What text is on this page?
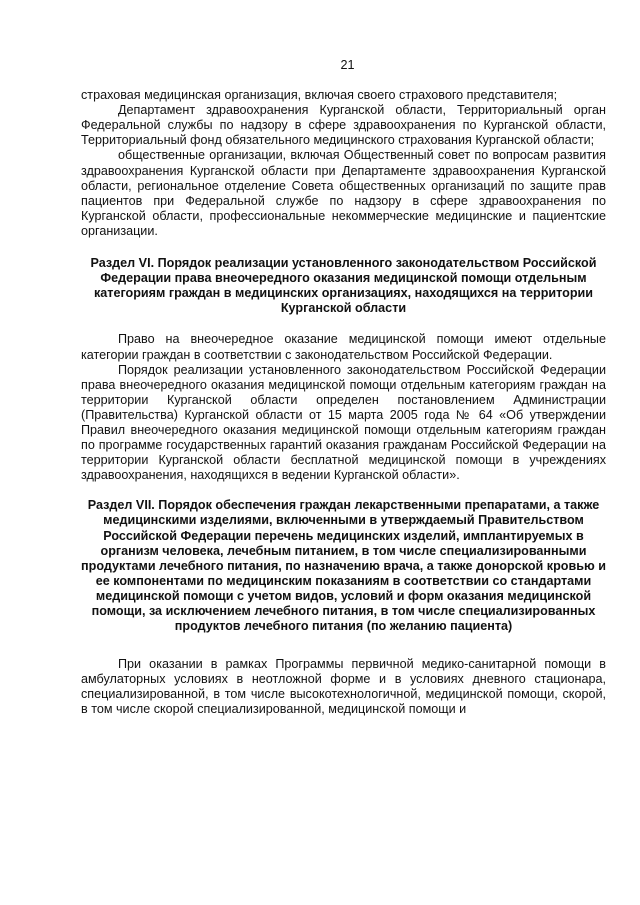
21

страховая медицинская организация, включая своего страхового представителя;

Департамент здравоохранения Курганской области, Территориальный орган Федеральной службы по надзору в сфере здравоохранения по Курганской области, Территориальный фонд обязательного медицинского страхования Курганской области;

общественные организации, включая Общественный совет по вопросам развития здравоохранения Курганской области при Департаменте здравоохранения Курганской области, региональное отделение Совета общественных организаций по защите прав пациентов при Федеральной службе по надзору в сфере здравоохранения по Курганской области, профессиональные некоммерческие медицинские и пациентские организации.

Раздел VI. Порядок реализации установленного законодательством Российской Федерации права внеочередного оказания медицинской помощи отдельным категориям граждан в медицинских организациях, находящихся на территории Курганской области

Право на внеочередное оказание медицинской помощи имеют отдельные категории граждан в соответствии с законодательством Российской Федерации.

Порядок реализации установленного законодательством Российской Федерации права внеочередного оказания медицинской помощи отдельным категориям граждан на территории Курганской области определен постановлением Администрации (Правительства) Курганской области от 15 марта 2005 года № 64 «Об утверждении Правил внеочередного оказания медицинской помощи отдельным категориям граждан по программе государственных гарантий оказания гражданам Российской Федерации на территории Курганской области бесплатной медицинской помощи в учреждениях здравоохранения, находящихся в ведении Курганской области».

Раздел VII. Порядок обеспечения граждан лекарственными препаратами, а также медицинскими изделиями, включенными в утверждаемый Правительством Российской Федерации перечень медицинских изделий, имплантируемых в организм человека, лечебным питанием, в том числе специализированными продуктами лечебного питания, по назначению врача, а также донорской кровью и ее компонентами по медицинским показаниям в соответствии со стандартами медицинской помощи с учетом видов, условий и форм оказания медицинской помощи, за исключением лечебного питания, в том числе специализированных продуктов лечебного питания (по желанию пациента)

При оказании в рамках Программы первичной медико-санитарной помощи в амбулаторных условиях в неотложной форме и в условиях дневного стационара, специализированной, в том числе высокотехнологичной, медицинской помощи, скорой, в том числе скорой специализированной, медицинской помощи и
